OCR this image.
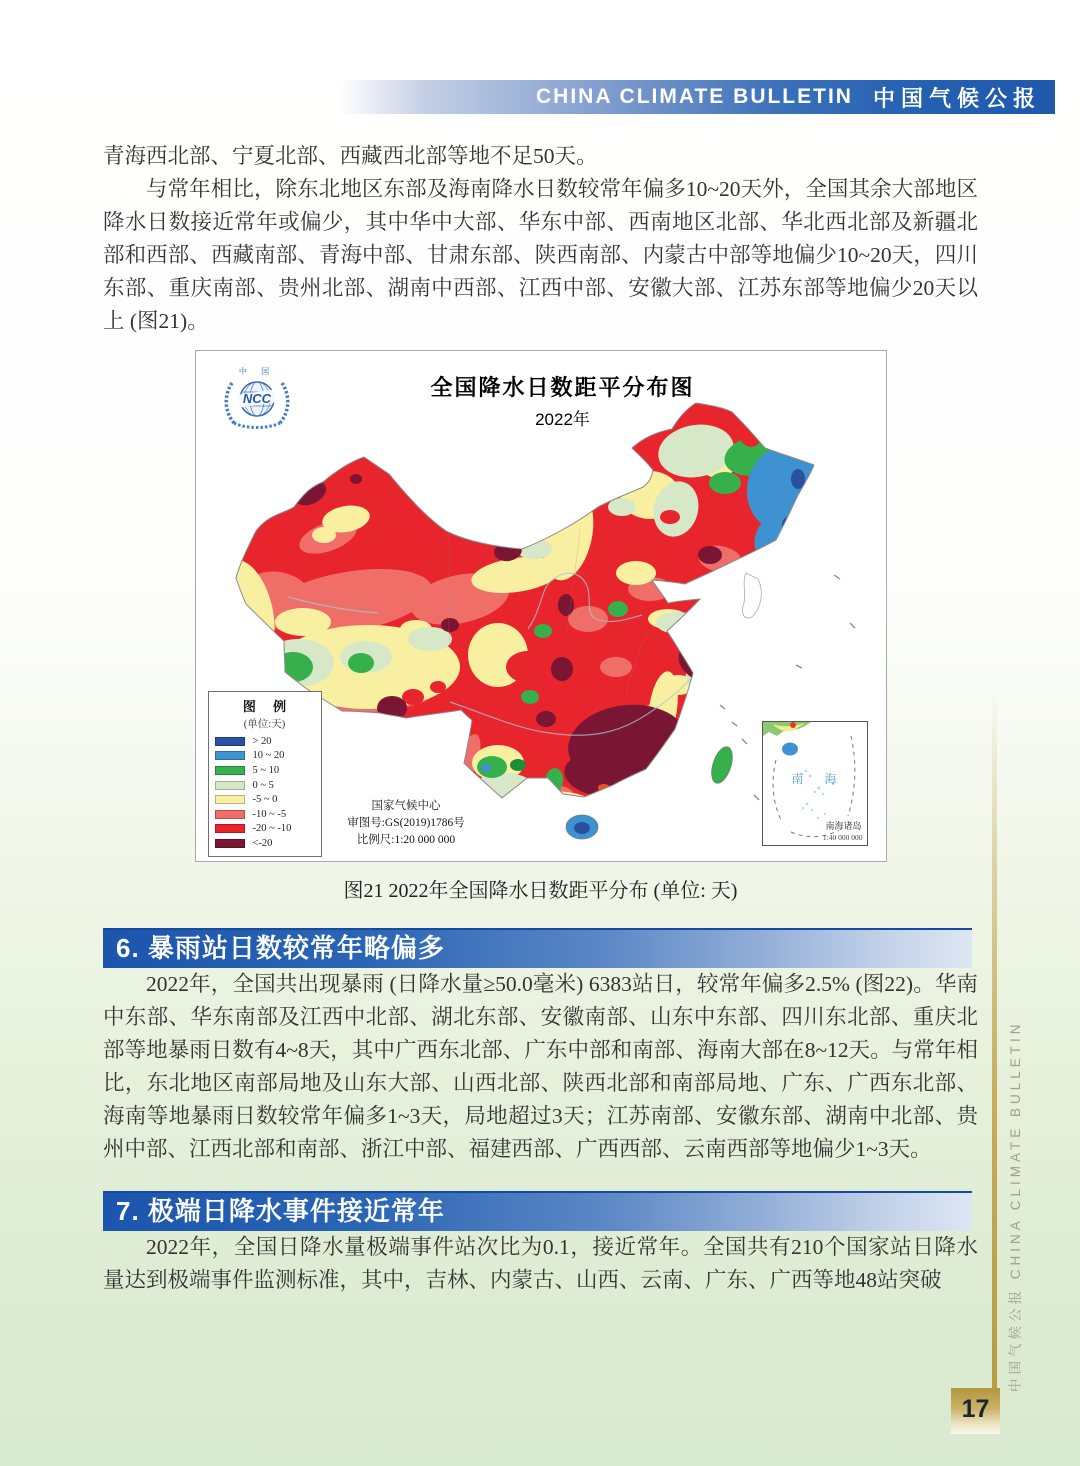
CHINA CLIMATE BULLETIN 中国气候公报

青海西北部、宁夏北部、西藏西北部等地不足50天。

与常年相比，除东北地区东部及海南降水日数较常年偏多10~20天外，全国其余大部地区降水日数接近常年或偏少，其中华中大部、华东中部、西南地区北部、华北西北部及新疆北部和西部、西藏南部、青海中部、甘肃东部、陕西南部、内蒙古中部等地偏少10~20天，四川东部、重庆南部、贵州北部、湖南中西部、江西中部、安徽大部、江苏东部等地偏少20天以上 (图21)。

中 国
NCC	全国降水日数距平分布图
2022年
图 例
(单位:天)
> 20
10 ~ 20
5 ~ 10
0 ~ 5
-5 ~ 0
-10 ~ -5
-20 ~ -10
<-20
国家气候中心
审图号:GS(2019)1786号
比例尺:1:20 000 000
南 海
南海诸岛
1:40 000 000
图21 2022年全国降水日数距平分布 (单位: 天)
6. 暴雨站日数较常年略偏多

2022年，全国共出现暴雨 (日降水量≥50.0毫米) 6383站日，较常年偏多2.5% (图22)。华南中东部、华东南部及江西中北部、湖北东部、安徽南部、山东中东部、四川东北部、重庆北部等地暴雨日数有4~8天，其中广西东北部、广东中部和南部、海南大部在8~12天。与常年相比，东北地区南部局地及山东大部、山西北部、陕西北部和南部局地、广东、广西东北部、海南等地暴雨日数较常年偏多1~3天，局地超过3天；江苏南部、安徽东部、湖南中北部、贵州中部、江西北部和南部、浙江中部、福建西部、广西西部、云南西部等地偏少1~3天。

7. 极端日降水事件接近常年

2022年，全国日降水量极端事件站次比为0.1，接近常年。全国共有210个国家站日降水量达到极端事件监测标准，其中，吉林、内蒙古、山西、云南、广东、广西等地48站突破	中国气候公报 CHINA CLIMATE BULLETIN
17
